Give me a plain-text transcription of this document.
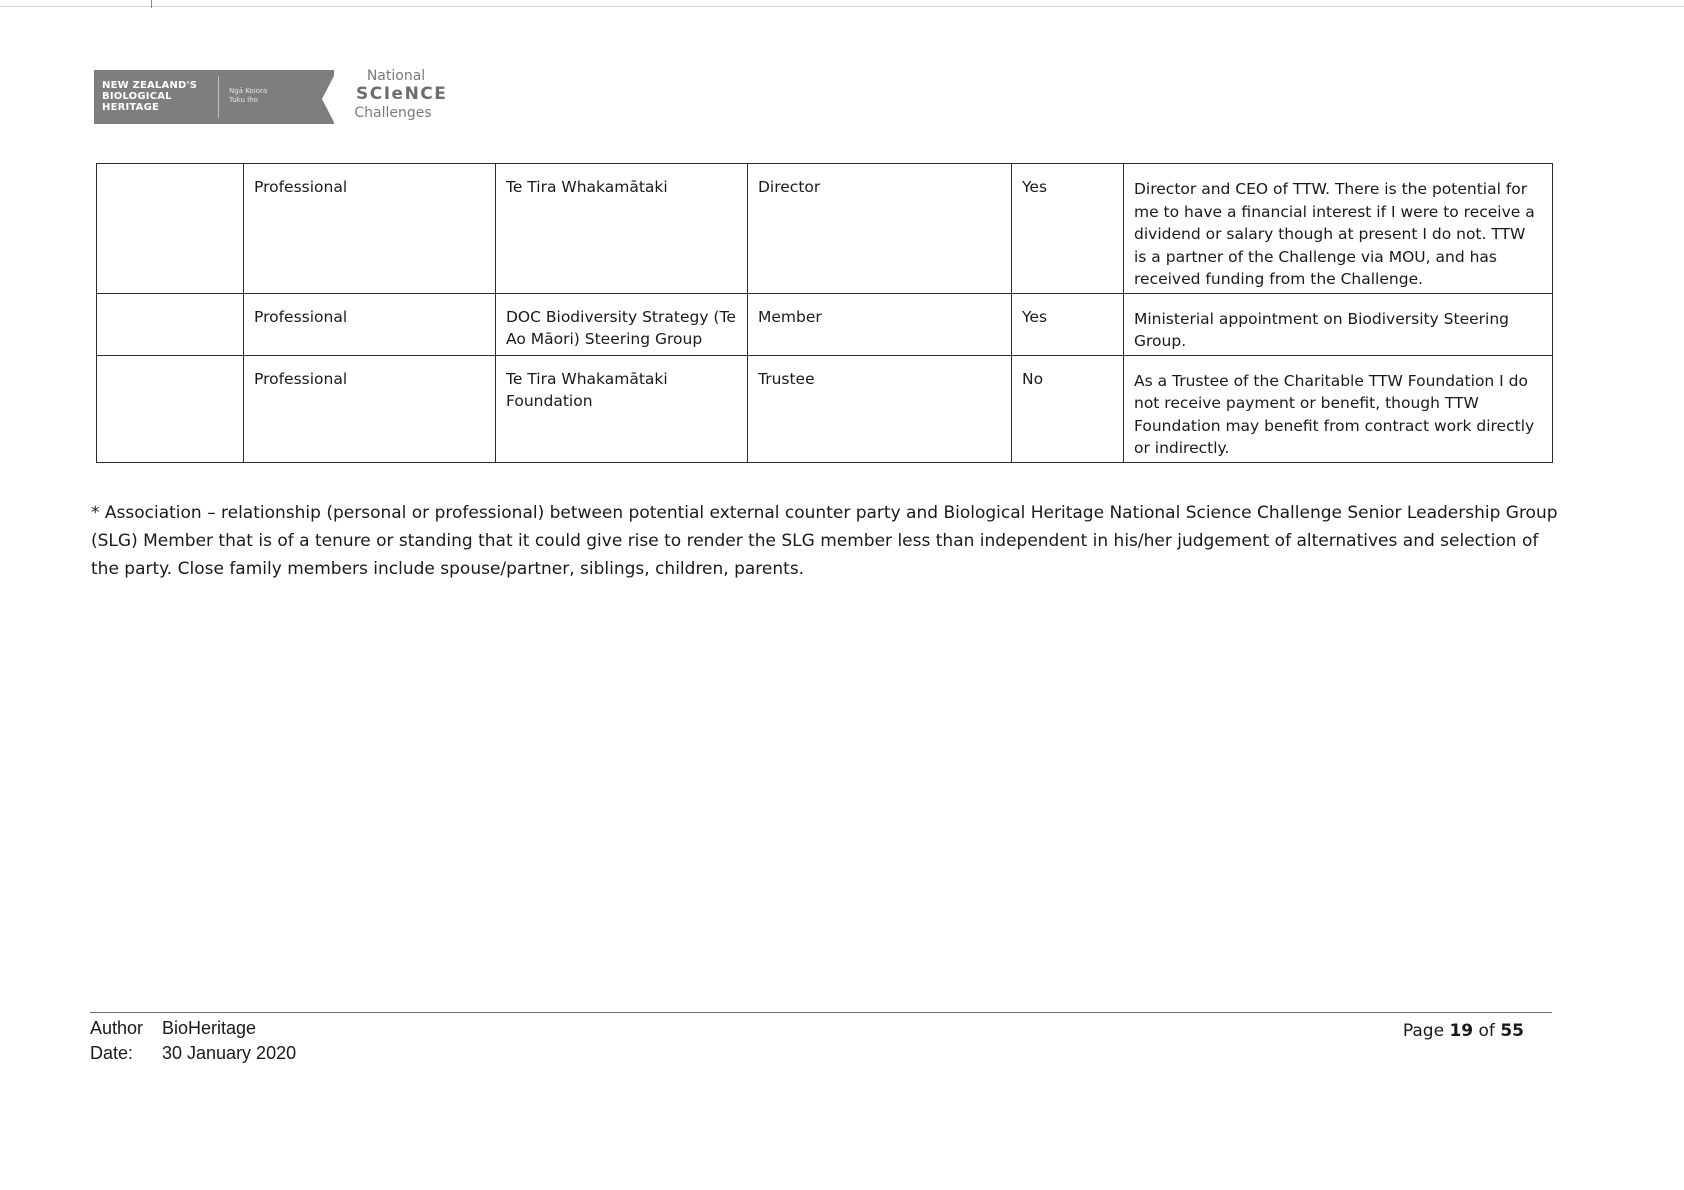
NEW ZEALAND'S
BIOLOGICAL
HERITAGE
Ngā Koiora
Tuku Iho
National
SCIeNCE
Challenges
	Professional	Te Tira Whakamātaki	Director	Yes	Director and CEO of TTW. There is the potential for me to have a financial interest if I were to receive a dividend or salary though at present I do not. TTW is a partner of the Challenge via MOU, and has received funding from the Challenge.
	Professional	DOC Biodiversity Strategy (Te Ao Māori) Steering Group	Member	Yes	Ministerial appointment on Biodiversity Steering Group.
	Professional	Te Tira Whakamātaki Foundation	Trustee	No	As a Trustee of the Charitable TTW Foundation I do not receive payment or benefit, though TTW Foundation may benefit from contract work directly or indirectly.

* Association – relationship (personal or professional) between potential external counter party and Biological Heritage National Science Challenge Senior Leadership Group (SLG) Member that is of a tenure or standing that it could give rise to render the SLG member less than independent in his/her judgement of alternatives and selection of the party. Close family members include spouse/partner, siblings, children, parents.

Author	BioHeritage
Date:	30 January 2020
Page 19 of 55
